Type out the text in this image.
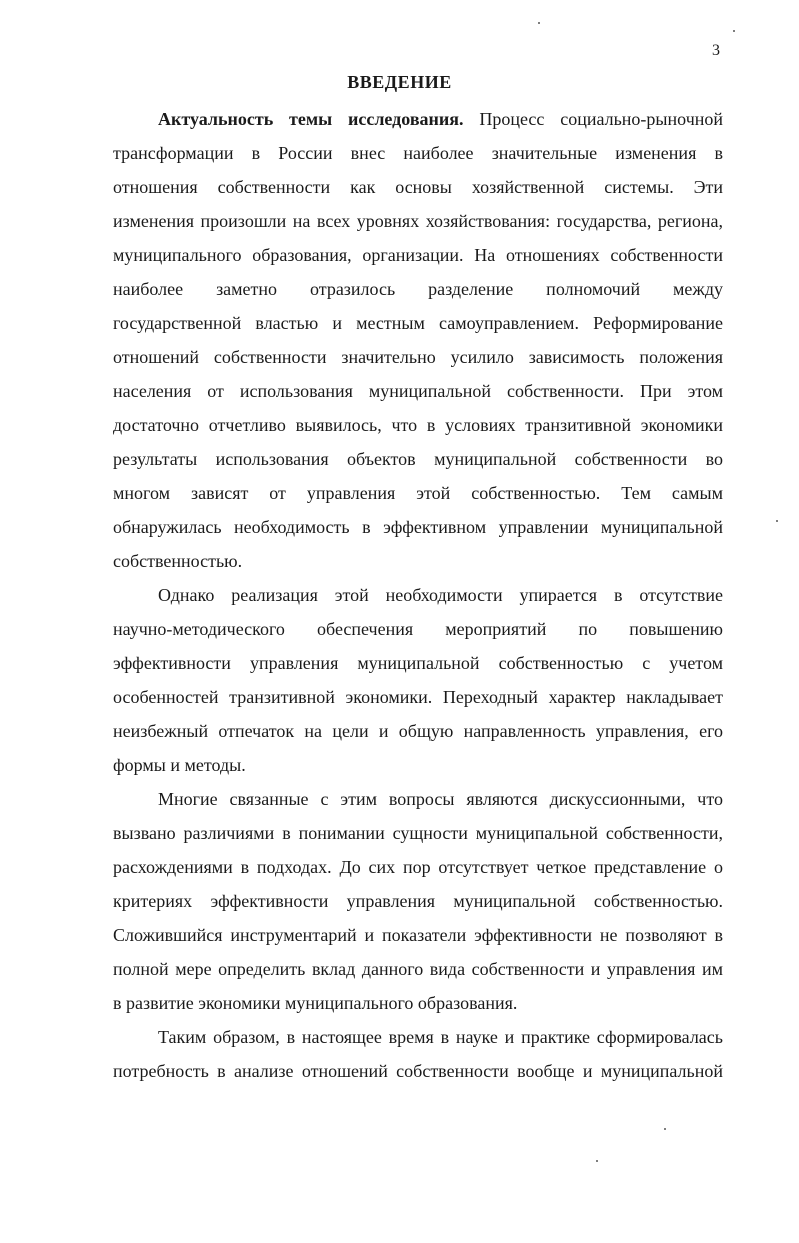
3
ВВЕДЕНИЕ
Актуальность темы исследования. Процесс социально-рыночной
трансформации в России внес наиболее значительные изменения в
отношения собственности как основы хозяйственной системы. Эти
изменения произошли на всех уровнях хозяйствования: государства, региона,
муниципального образования, организации. На отношениях собственности
наиболее заметно отразилось разделение полномочий между
государственной властью и местным самоуправлением. Реформирование
отношений собственности значительно усилило зависимость положения
населения от использования муниципальной собственности. При этом
достаточно отчетливо выявилось, что в условиях транзитивной экономики
результаты использования объектов муниципальной собственности во
многом зависят от управления этой собственностью. Тем самым
обнаружилась необходимость в эффективном управлении муниципальной
собственностью.
Однако реализация этой необходимости упирается в отсутствие
научно-методического обеспечения мероприятий по повышению
эффективности управления муниципальной собственностью с учетом
особенностей транзитивной экономики. Переходный характер накладывает
неизбежный отпечаток на цели и общую направленность управления, его
формы и методы.
Многие связанные с этим вопросы являются дискуссионными, что
вызвано различиями в понимании сущности муниципальной собственности,
расхождениями в подходах. До сих пор отсутствует четкое представление о
критериях эффективности управления муниципальной собственностью.
Сложившийся инструментарий и показатели эффективности не позволяют в
полной мере определить вклад данного вида собственности и управления им
в развитие экономики муниципального образования.
Таким образом, в настоящее время в науке и практике сформировалась
потребность в анализе отношений собственности вообще и муниципальной
